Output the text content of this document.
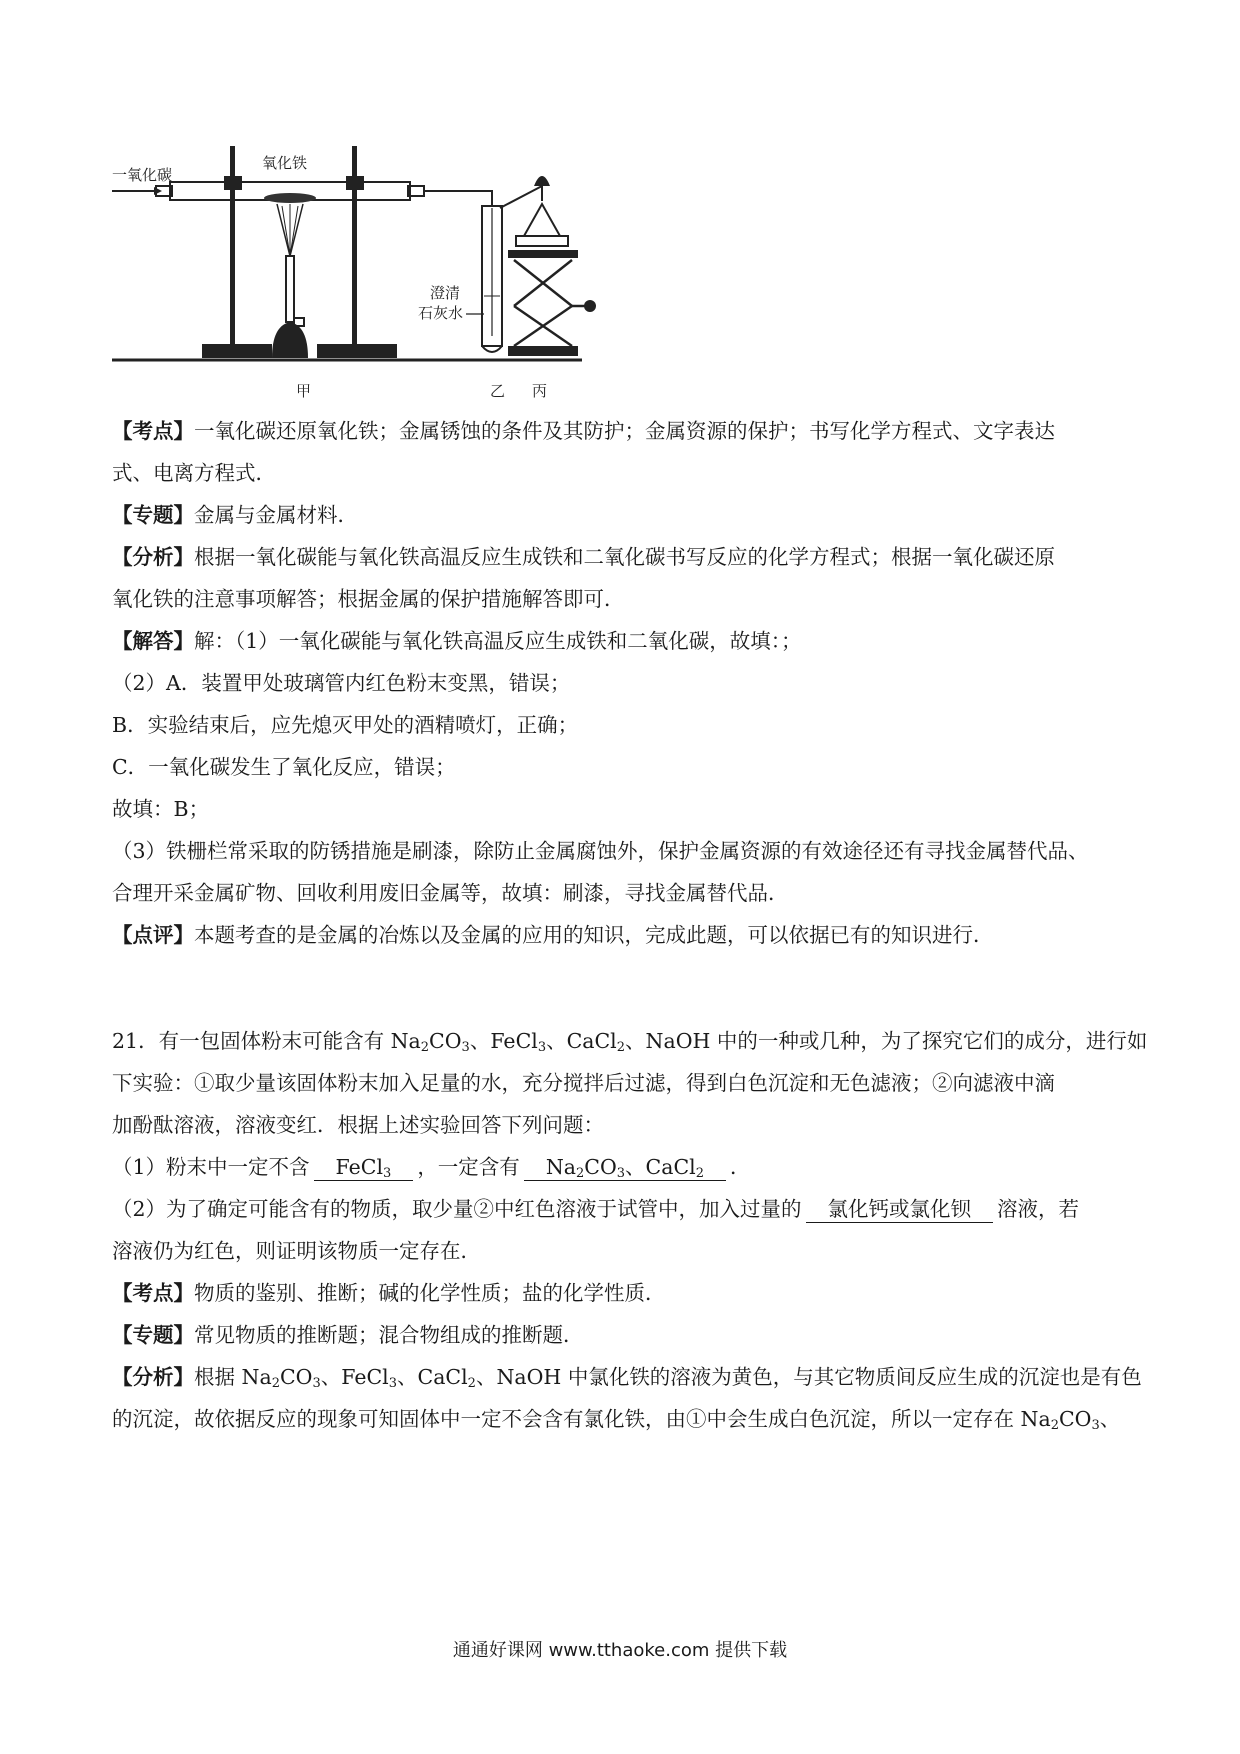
一氧化碳
氧化铁
澄清
石灰水
甲	乙 丙
【考点】一氧化碳还原氧化铁；金属锈蚀的条件及其防护；金属资源的保护；书写化学方程式、文字表达
式、电离方程式．
【专题】金属与金属材料．
【分析】根据一氧化碳能与氧化铁高温反应生成铁和二氧化碳书写反应的化学方程式；根据一氧化碳还原
氧化铁的注意事项解答；根据金属的保护措施解答即可．
【解答】解：（1）一氧化碳能与氧化铁高温反应生成铁和二氧化碳，故填：；
（2）A．装置甲处玻璃管内红色粉末变黑，错误；
B．实验结束后，应先熄灭甲处的酒精喷灯，正确；
C．一氧化碳发生了氧化反应，错误；
故填：B；
（3）铁栅栏常采取的防锈措施是刷漆，除防止金属腐蚀外，保护金属资源的有效途径还有寻找金属替代品、
合理开采金属矿物、回收利用废旧金属等，故填：刷漆，寻找金属替代品．
【点评】本题考查的是金属的冶炼以及金属的应用的知识，完成此题，可以依据已有的知识进行．
21．有一包固体粉末可能含有 $Na_2CO_3$、FeCl$_3$、CaCl$_2$、NaOH 中的一种或几种，为了探究它们的成分，进行如
下实验：①取少量该固体粉末加入足量的水，充分搅拌后过滤，得到白色沉淀和无色滤液；②向滤液中滴
加酚酞溶液，溶液变红．根据上述实验回答下列问题：
（1）粉末中一定不含 FeCl$_3$ ，一定含有 $Na_2CO_3$、CaCl$_2$ ．
（2）为了确定可能含有的物质，取少量②中红色溶液于试管中，加入过量的 氯化钙或氯化钡 溶液，若
溶液仍为红色，则证明该物质一定存在．
【考点】物质的鉴别、推断；碱的化学性质；盐的化学性质．
【专题】常见物质的推断题；混合物组成的推断题．
【分析】根据 $Na_2CO_3$、FeCl$_3$、CaCl$_2$、NaOH 中氯化铁的溶液为黄色，与其它物质间反应生成的沉淀也是有色
的沉淀，故依据反应的现象可知固体中一定不会含有氯化铁，由①中会生成白色沉淀，所以一定存在 $Na_2CO_3$、
通通好课网 www.tthaoke.com 提供下载
